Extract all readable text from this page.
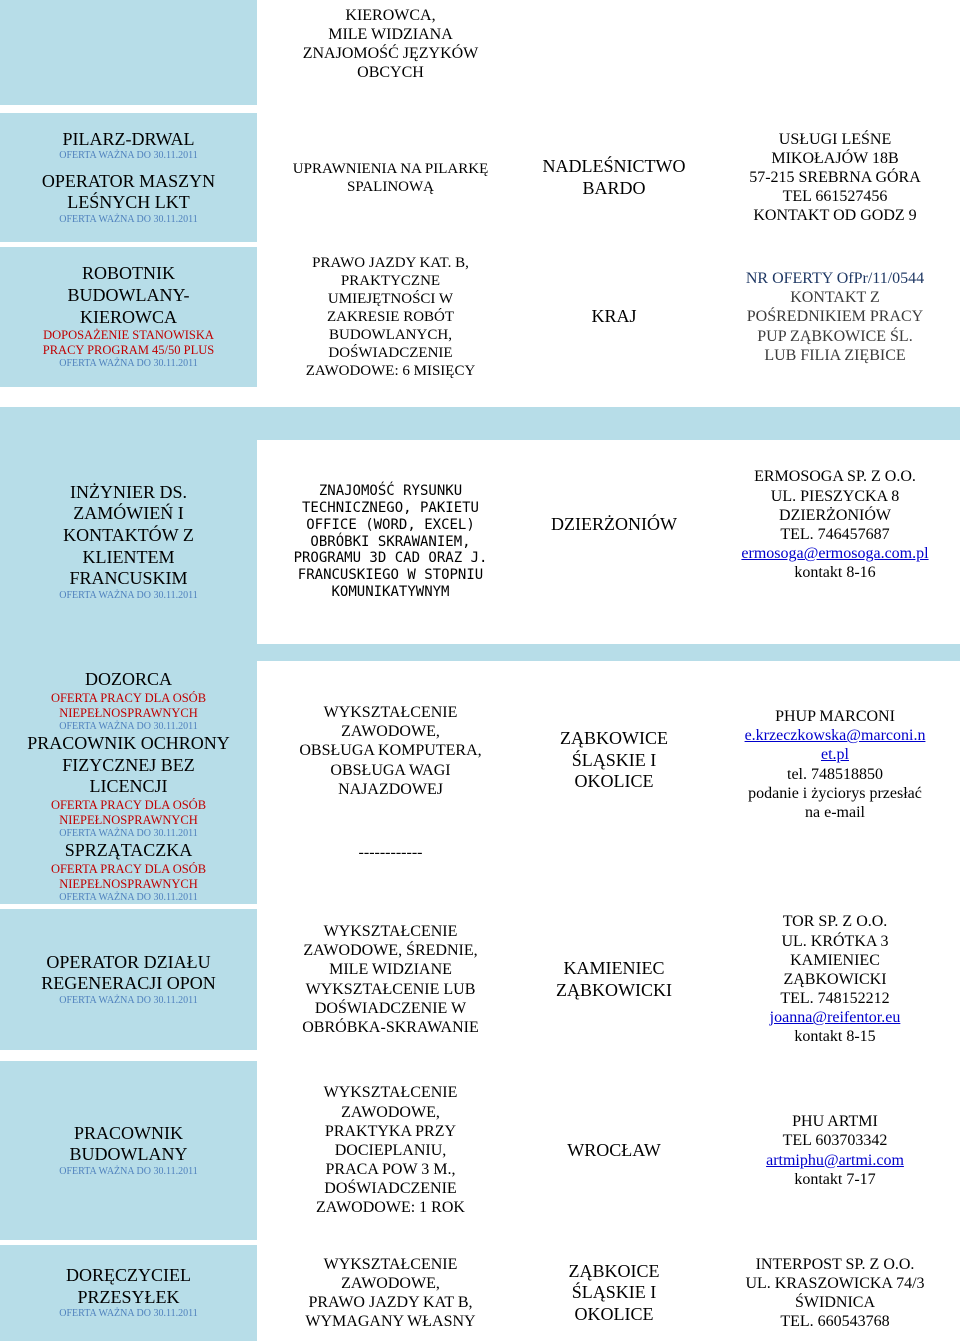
KIEROWCA,
MILE WIDZIANA
ZNAJOMOŚĆ JĘZYKÓW
OBCYCH
PILARZ-DRWAL
OFERTA WAŻNA DO 30.11.2011
OPERATOR MASZYN
LEŚNYCH LKT
OFERTA WAŻNA DO 30.11.2011
UPRAWNIENIA NA PILARKĘ
SPALINOWĄ
NADLEŚNICTWO
BARDO
USŁUGI LEŚNE
MIKOŁAJÓW 18B
57-215 SREBRNA GÓRA
TEL 661527456
KONTAKT OD GODZ 9
ROBOTNIK
BUDOWLANY-
KIEROWCA
DOPOSAŻENIE STANOWISKA
PRACY PROGRAM 45/50 PLUS
OFERTA WAŻNA DO 30.11.2011
PRAWO JAZDY KAT. B,
PRAKTYCZNE
UMIEJĘTNOŚCI W
ZAKRESIE ROBÓT
BUDOWLANYCH,
DOŚWIADCZENIE
ZAWODOWE: 6 MISIĘCY
KRAJ
NR OFERTY OfPr/11/0544
KONTAKT Z
POŚREDNIKIEM PRACY
PUP ZĄBKOWICE ŚL.
LUB FILIA ZIĘBICE
INŻYNIER DS.
ZAMÓWIEŃ I
KONTAKTÓW Z
KLIENTEM
FRANCUSKIM
OFERTA WAŻNA DO 30.11.2011
ZNAJOMOŚĆ RYSUNKU
TECHNICZNEGO, PAKIETU
OFFICE (WORD, EXCEL)
OBRÓBKI SKRAWANIEM,
PROGRAMU 3D CAD ORAZ J.
FRANCUSKIEGO W STOPNIU
KOMUNIKATYWNYM
DZIERŻONIÓW
ERMOSOGA SP. Z O.O.
UL. PIESZYCKA 8
DZIERŻONIÓW
TEL. 746457687
ermosoga@ermosoga.com.pl
kontakt 8-16
DOZORCA
OFERTA PRACY DLA OSÓB
NIEPEŁNOSPRAWNYCH
OFERTA WAŻNA DO 30.11.2011
PRACOWNIK OCHRONY
FIZYCZNEJ BEZ
LICENCJI
OFERTA PRACY DLA OSÓB
NIEPEŁNOSPRAWNYCH
OFERTA WAŻNA DO 30.11.2011
SPRZĄTACZKA
OFERTA PRACY DLA OSÓB
NIEPEŁNOSPRAWNYCH
OFERTA WAŻNA DO 30.11.2011
WYKSZTAŁCENIE
ZAWODOWE,
OBSŁUGA KOMPUTERA,
OBSŁUGA WAGI
NAJAZDOWEJ
------------
ZĄBKOWICE
ŚLĄSKIE I
OKOLICE
PHUP MARCONI
e.krzeczkowska@marconi.n
et.pl
tel. 748518850
podanie i życiorys przesłać
na e-mail
OPERATOR DZIAŁU
REGENERACJI OPON
OFERTA WAŻNA DO 30.11.2011
WYKSZTAŁCENIE
ZAWODOWE, ŚREDNIE,
MILE WIDZIANE
WYKSZTAŁCENIE LUB
DOŚWIADCZENIE W
OBRÓBKA-SKRAWANIE
KAMIENIEC
ZĄBKOWICKI
TOR SP. Z O.O.
UL. KRÓTKA 3
KAMIENIEC
ZĄBKOWICKI
TEL. 748152212
joanna@reifentor.eu
kontakt 8-15
PRACOWNIK
BUDOWLANY
OFERTA WAŻNA DO 30.11.2011
WYKSZTAŁCENIE
ZAWODOWE,
PRAKTYKA PRZY
DOCIEPLANIU,
PRACA POW 3 M.,
DOŚWIADCZENIE
ZAWODOWE: 1 ROK
WROCŁAW
PHU ARTMI
TEL 603703342
artmiphu@artmi.com
kontakt 7-17
DORĘCZYCIEL
PRZESYŁEK
OFERTA WAŻNA DO 30.11.2011
WYKSZTAŁCENIE
ZAWODOWE,
PRAWO JAZDY KAT B,
WYMAGANY WŁASNY
ZĄBKOICE
ŚLĄSKIE I
OKOLICE
INTERPOST SP. Z O.O.
UL. KRASZOWICKA 74/3
ŚWIDNICA
TEL. 660543768
